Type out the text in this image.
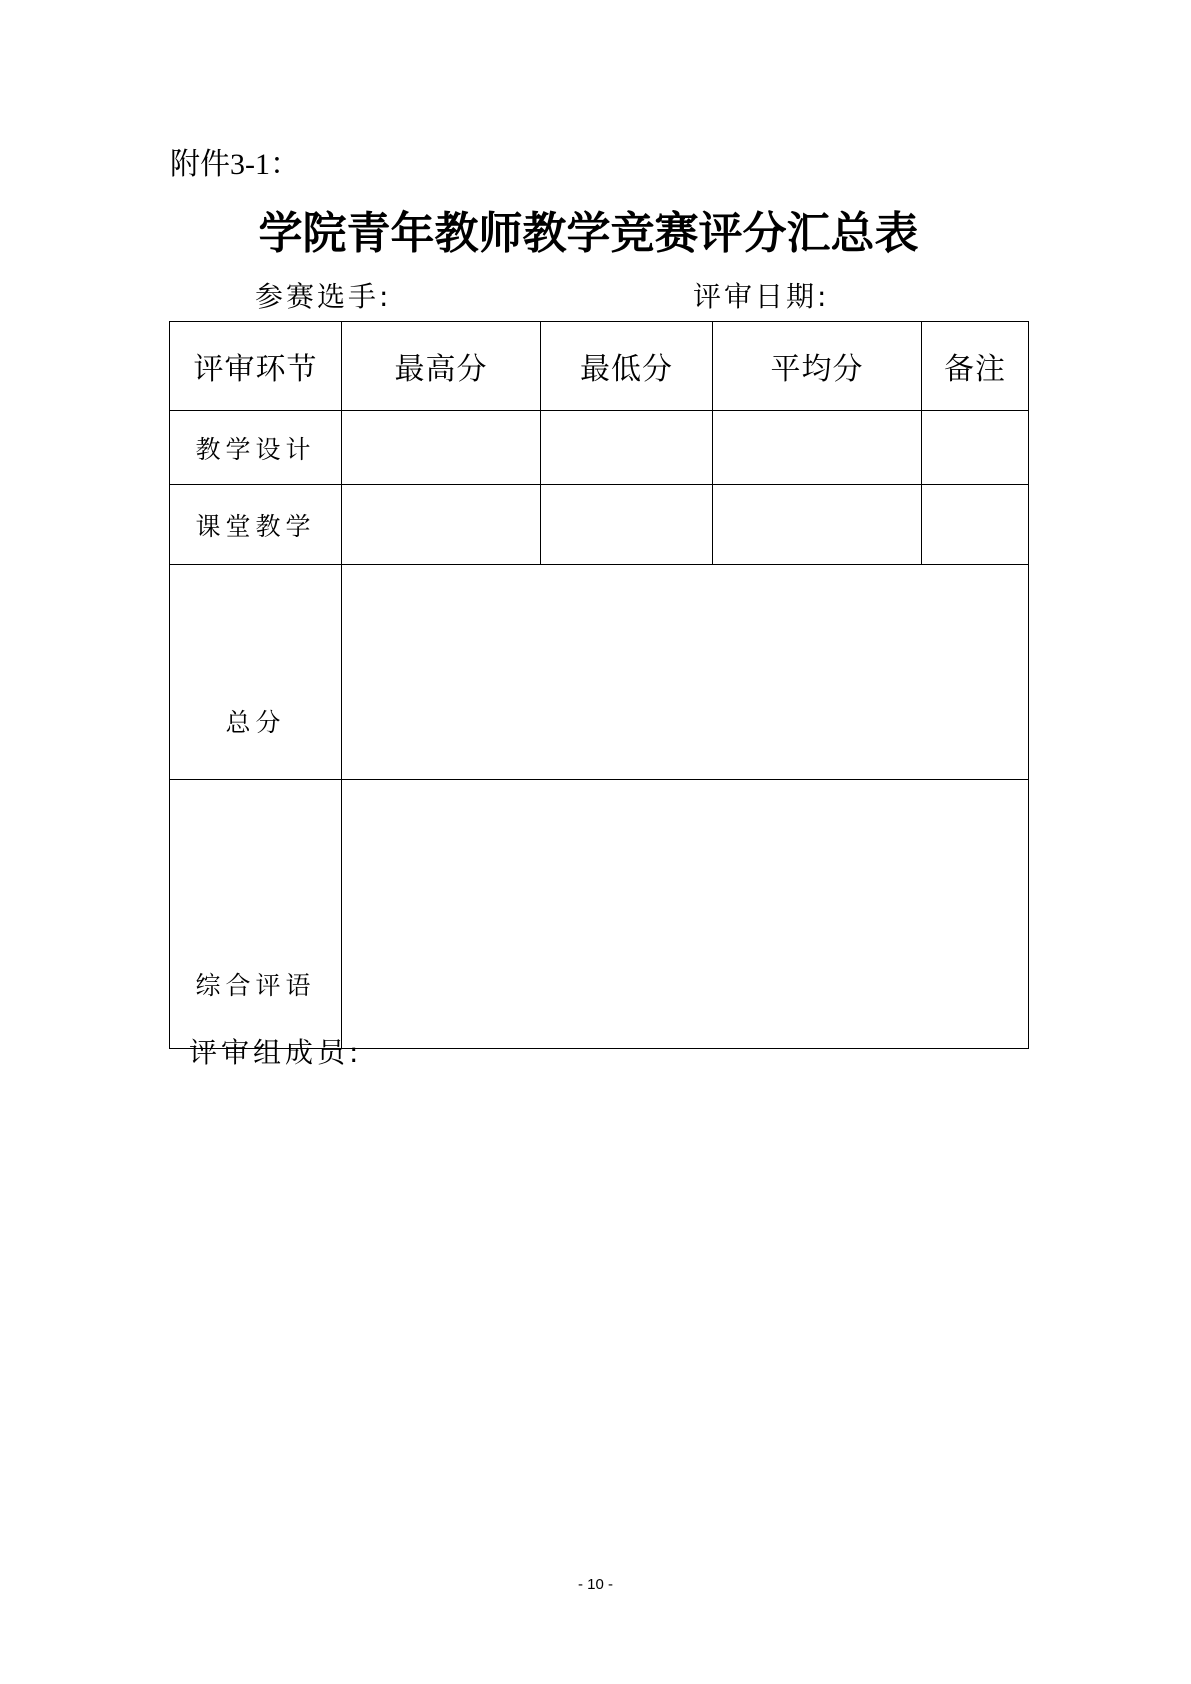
附件3-1：
学院青年教师教学竞赛评分汇总表
参赛选手:	评审日期:
评审环节	最高分	最低分	平均分	备注
教学设计				
课堂教学				
总分				
综合评语				
评审组成员:
- 10 -
